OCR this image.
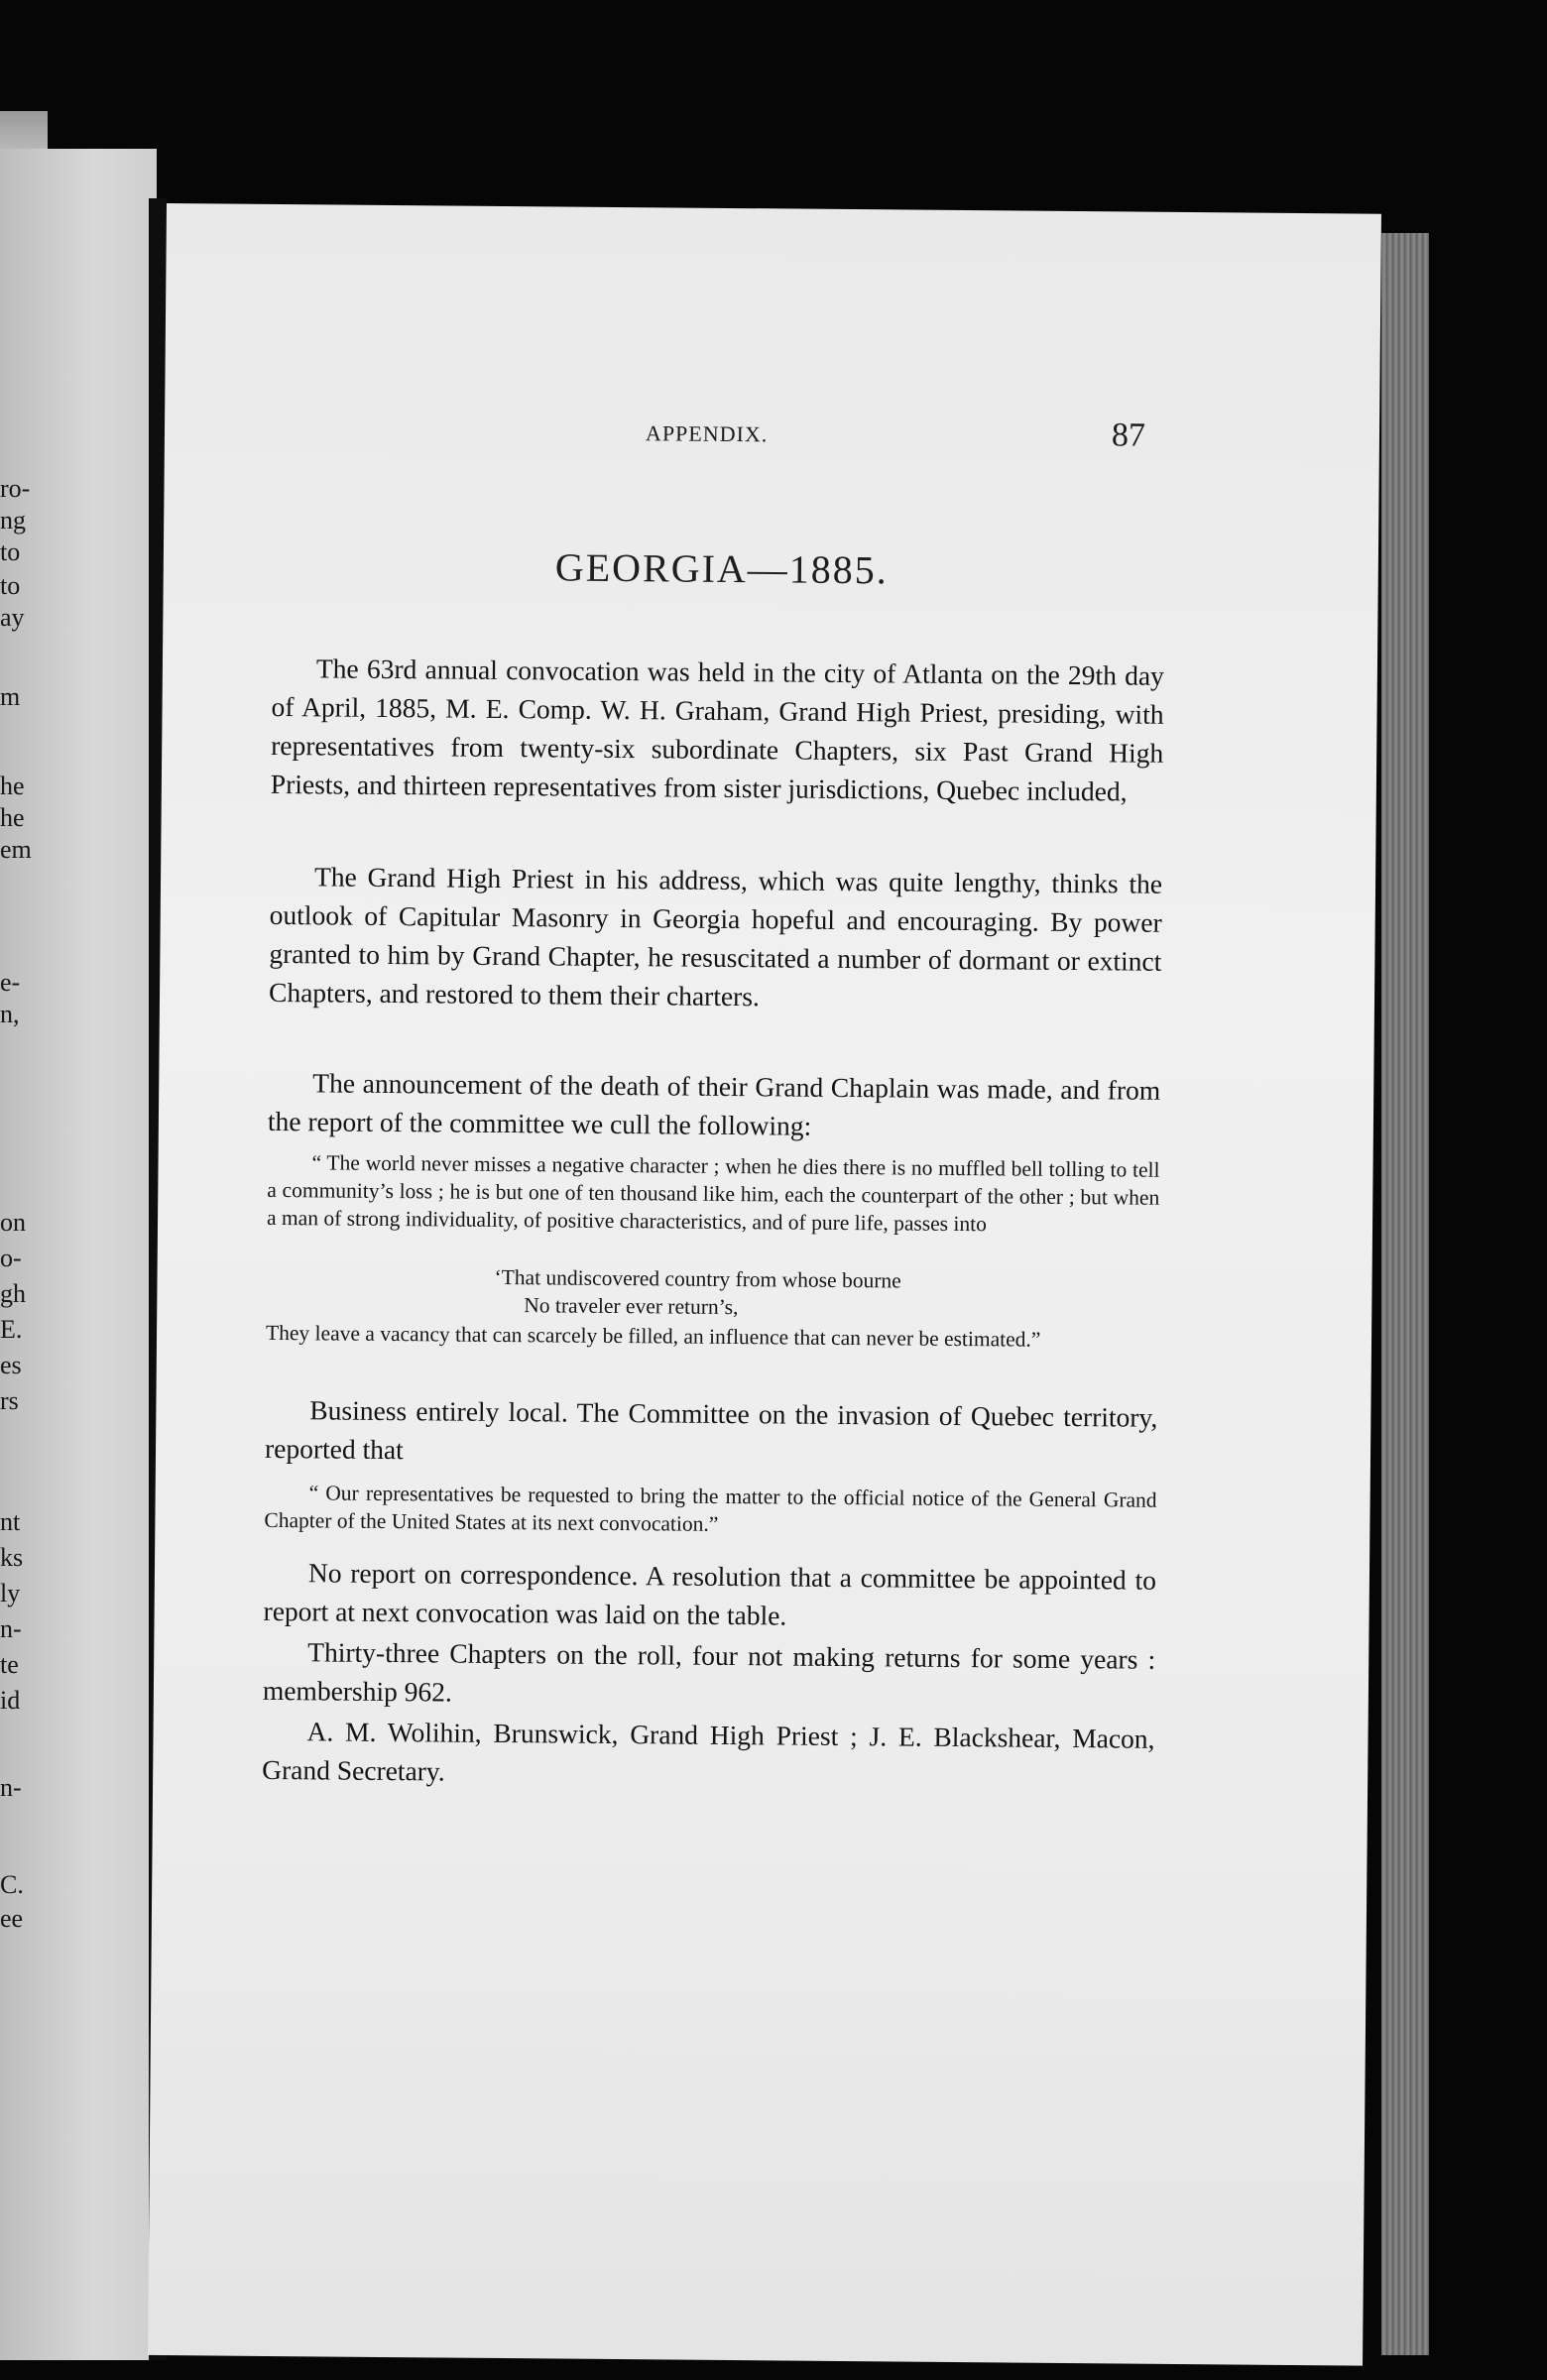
ro-
ng
to
to
ay
m
he
he
em
e-
n,
on
o-
gh
E.
es
rs
nt
ks
ly
n-
te
id
n-
C.
ee
APPENDIX.	87
GEORGIA—1885.

The 63rd annual convocation was held in the city of Atlanta on the 29th day of April, 1885, M. E. Comp. W. H. Graham, Grand High Priest, presiding, with representatives from twenty-six subordinate Chapters, six Past Grand High Priests, and thirteen representatives from sister jurisdictions, Quebec included,

The Grand High Priest in his address, which was quite lengthy, thinks the outlook of Capitular Masonry in Georgia hopeful and encouraging. By power granted to him by Grand Chapter, he resuscitated a number of dormant or extinct Chapters, and restored to them their charters.

The announcement of the death of their Grand Chaplain was made, and from the report of the committee we cull the following:

“ The world never misses a negative character ; when he dies there is no muffled bell tolling to tell a community’s loss ; he is but one of ten thousand like him, each the counterpart of the other ; but when a man of strong individuality, of positive characteristics, and of pure life, passes into

‘That undiscovered country from whose bourne
No traveler ever return’s,

They leave a vacancy that can scarcely be filled, an influence that can never be estimated.”

Business entirely local. The Committee on the invasion of Quebec territory, reported that

“ Our representatives be requested to bring the matter to the official notice of the General Grand Chapter of the United States at its next convocation.”

No report on correspondence. A resolution that a committee be appointed to report at next convocation was laid on the table.

Thirty-three Chapters on the roll, four not making returns for some years : membership 962.

A. M. Wolihin, Brunswick, Grand High Priest ; J. E. Blackshear, Macon, Grand Secretary.
